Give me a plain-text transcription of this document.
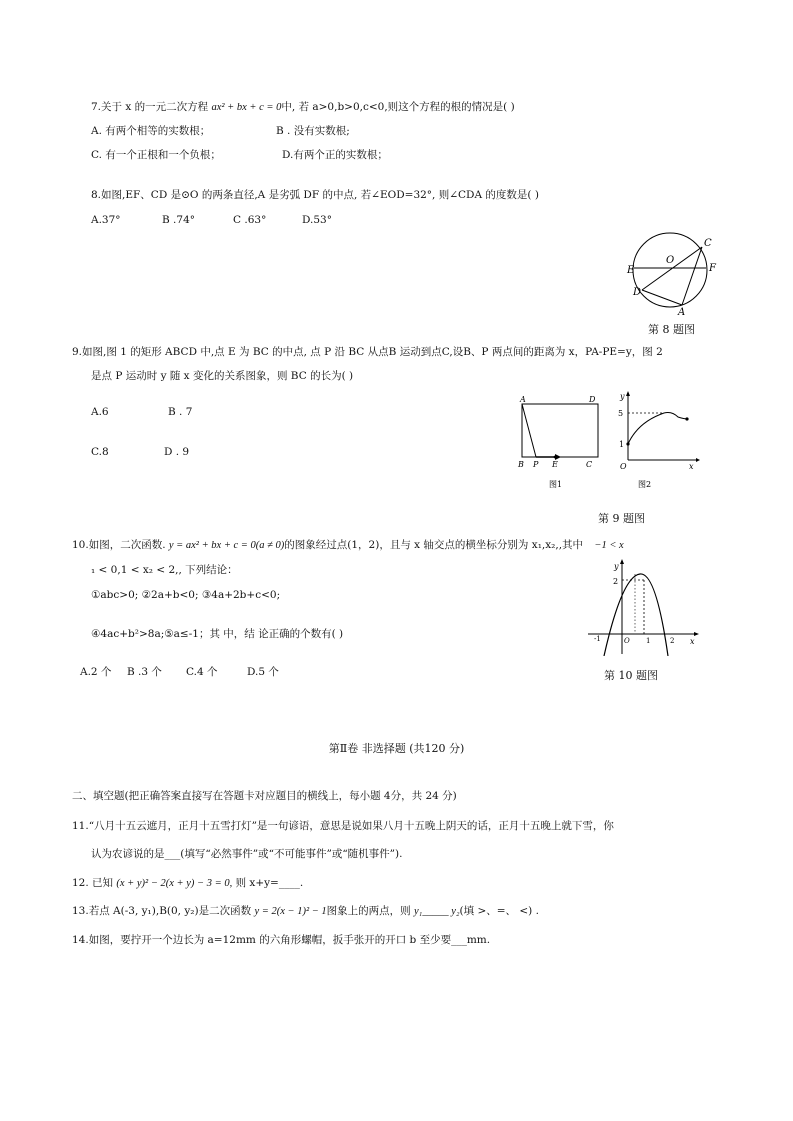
7.关于 x 的一元二次方程 ax² + bx + c = 0中, 若 a>0,b>0,c<0,则这个方程的根的情况是( )
A. 有两个相等的实数根；	B . 没有实数根;
C. 有一个正根和一个负根；	D.有两个正的实数根；
8.如图,EF、CD 是⊙O 的两条直径,A 是劣弧 DF 的中点, 若∠EOD=32°, 则∠CDA 的度数是( )
A.37°	B .74°	C .63°	D.53°
C
O
E	F
D
A
第 8 题图
9.如图,图 1 的矩形 ABCD 中,点 E 为 BC 的中点, 点 P 沿 BC 从点B 运动到点C,设B、P 两点间的距离为 x，PA-PE=y，图 2
是点 P 运动时 y 随 x 变化的关系图象，则 BC 的长为( )
A.6	B . 7
C.8	D . 9
A	D
B P E	C
图1
y
5
1
O	x
图2
第 9 题图
10.如图，二次函数. y = ax² + bx + c = 0(a ≠ 0)的图象经过点(1，2)，且与 x 轴交点的横坐标分别为 x₁,x₂,,其中 −1 < x
₁ < 0,1 < x₂ < 2,, 下列结论：
①abc>0; ②2a+b<0; ③4a+2b+c<0;
④4ac+b²>8a;⑤a≤-1；其 中，结 论正确的个数有( )
A.2 个 B .3 个 C.4 个	D.5 个
y
2
-1	O 1	2 x
第 10 题图
第Ⅱ卷 非选择题 (共120 分)
二、填空题(把正确答案直接写在答题卡对应题目的横线上，每小题 4分，共 24 分)
11.“八月十五云遮月，正月十五雪打灯”是一句谚语，意思是说如果八月十五晚上阴天的话，正月十五晚上就下雪，你
认为农谚说的是___(填写“必然事件”或“不可能事件”或“随机事件”).
12. 已知 (x + y)² − 2(x + y) − 3 = 0, 则 x+y=____.
13.若点 A(-3, y₁),B(0, y₂)是二次函数 y = 2(x − 1)² − 1图象上的两点，则 y₁_____ y₂(填 >、=、 <) .
14.如图，要拧开一个边长为 a=12mm 的六角形螺帽，扳手张开的开口 b 至少要___mm.
